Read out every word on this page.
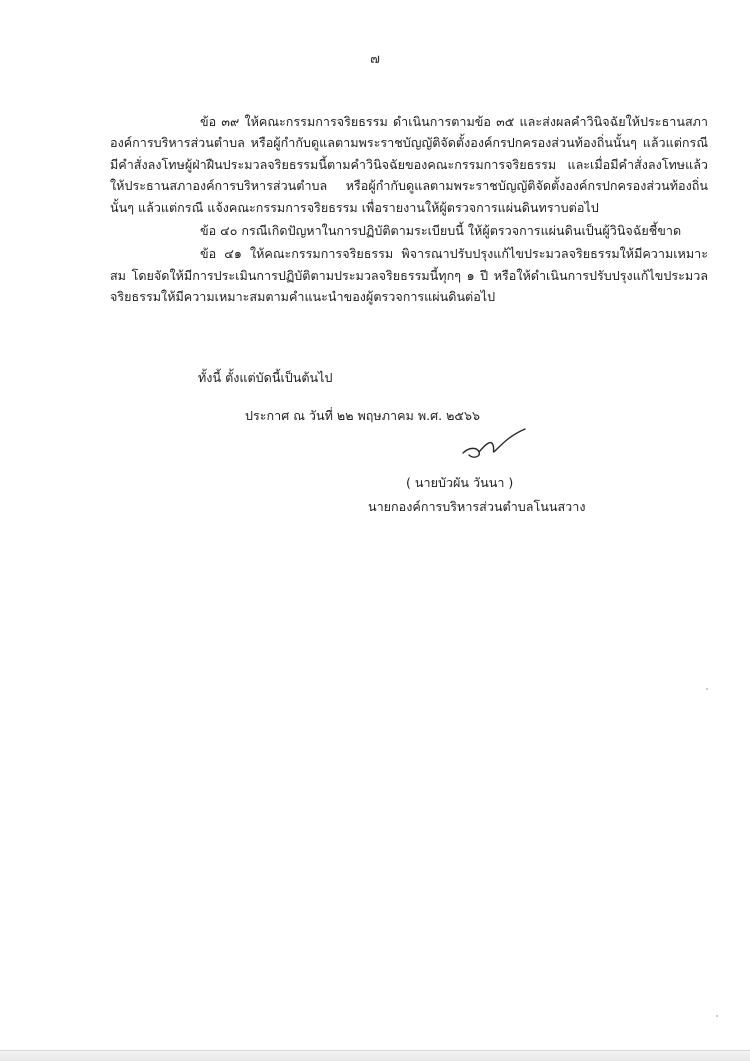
๗

ข้อ ๓๙ ให้คณะกรรมการจริยธรรม ดำเนินการตามข้อ ๓๕ และส่งผลคำวินิจฉัยให้ประธานสภาองค์การบริหารส่วนตำบล หรือผู้กำกับดูแลตามพระราชบัญญัติจัดตั้งองค์กรปกครองส่วนท้องถิ่นนั้นๆ แล้วแต่กรณี มีคำสั่งลงโทษผู้ฝ่าฝืนประมวลจริยธรรมนี้ตามคำวินิจฉัยของคณะกรรมการจริยธรรม และเมื่อมีคำสั่งลงโทษแล้วให้ประธานสภาองค์การบริหารส่วนตำบล หรือผู้กำกับดูแลตามพระราชบัญญัติจัดตั้งองค์กรปกครองส่วนท้องถิ่นนั้นๆ แล้วแต่กรณี แจ้งคณะกรรมการจริยธรรม เพื่อรายงานให้ผู้ตรวจการแผ่นดินทราบต่อไป

ข้อ ๔๐ กรณีเกิดปัญหาในการปฏิบัติตามระเบียบนี้ ให้ผู้ตรวจการแผ่นดินเป็นผู้วินิจฉัยชี้ขาด

ข้อ ๔๑ ให้คณะกรรมการจริยธรรม พิจารณาปรับปรุงแก้ไขประมวลจริยธรรมให้มีความเหมาะสม โดยจัดให้มีการประเมินการปฏิบัติตามประมวลจริยธรรมนี้ทุกๆ ๑ ปี หรือให้ดำเนินการปรับปรุงแก้ไขประมวลจริยธรรมให้มีความเหมาะสมตามคำแนะนำของผู้ตรวจการแผ่นดินต่อไป

ทั้งนี้ ตั้งแต่บัดนี้เป็นต้นไป
ประกาศ ณ วันที่ ๒๒ พฤษภาคม พ.ศ. ๒๕๖๖
( นายบัวผัน วันนา )
นายกองค์การบริหารส่วนตำบลโนนสวาง
